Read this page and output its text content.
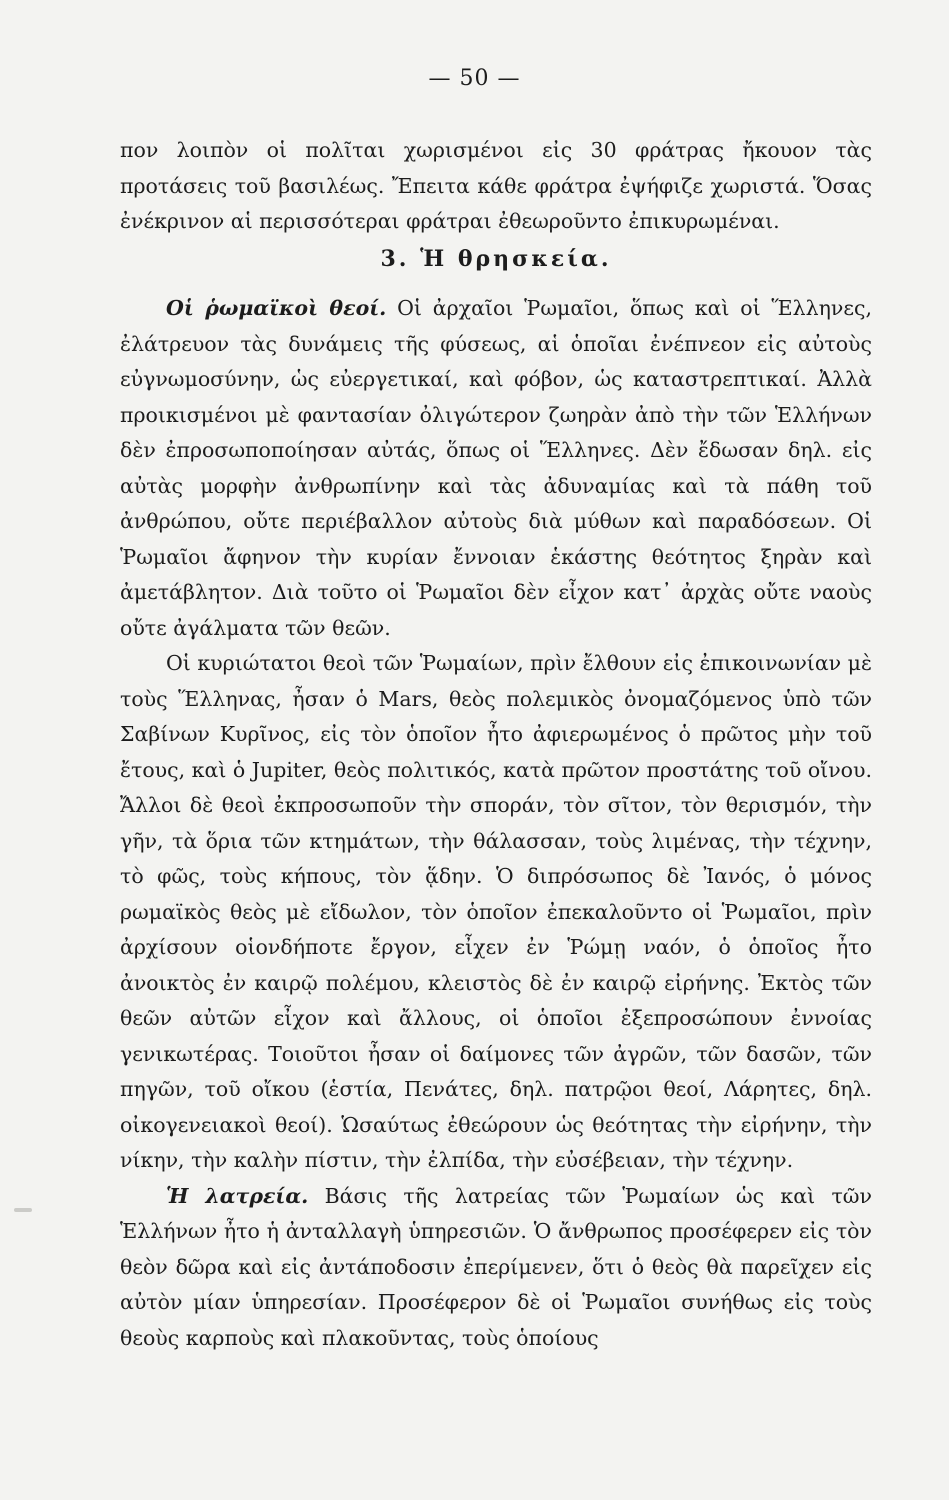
— 50 —

πον λοιπὸν οἱ πολῖται χωρισμένοι εἰς 30 φράτρας ἤκουον τὰς προτάσεις τοῦ βασιλέως. Ἔπειτα κάθε φράτρα ἐψήφιζε χωριστά. Ὅσας ἐνέκρινον αἱ περισσότεραι φράτραι ἐθεωροῦντο ἐπικυρωμέναι.

3. Ἡ θρησκεία.

Οἱ ῥωμαϊκοὶ θεοί. Οἱ ἀρχαῖοι Ῥωμαῖοι, ὅπως καὶ οἱ Ἕλληνες, ἐλάτρευον τὰς δυνάμεις τῆς φύσεως, αἱ ὁποῖαι ἐνέπνεον εἰς αὐτοὺς εὐγνωμοσύνην, ὡς εὐεργετικαί, καὶ φόβον, ὡς καταστρεπτικαί. Ἀλλὰ προικισμένοι μὲ φαντασίαν ὀλιγώτερον ζωηρὰν ἀπὸ τὴν τῶν Ἑλλήνων δὲν ἐπροσωποποίησαν αὐτάς, ὅπως οἱ Ἕλληνες. Δὲν ἔδωσαν δηλ. εἰς αὐτὰς μορφὴν ἀνθρωπίνην καὶ τὰς ἀδυναμίας καὶ τὰ πάθη τοῦ ἀνθρώπου, οὔτε περιέβαλλον αὐτοὺς διὰ μύθων καὶ παραδόσεων. Οἱ Ῥωμαῖοι ἄφηνον τὴν κυρίαν ἔννοιαν ἑκάστης θεότητος ξηρὰν καὶ ἀμετάβλητον. Διὰ τοῦτο οἱ Ῥωμαῖοι δὲν εἶχον κατ᾽ ἀρχὰς οὔτε ναοὺς οὔτε ἀγάλματα τῶν θεῶν.

Οἱ κυριώτατοι θεοὶ τῶν Ῥωμαίων, πρὶν ἔλθουν εἰς ἐπικοινωνίαν μὲ τοὺς Ἕλληνας, ἦσαν ὁ Mars, θεὸς πολεμικὸς ὀνομαζόμενος ὑπὸ τῶν Σαβίνων Κυρῖνος, εἰς τὸν ὁποῖον ἦτο ἀφιερωμένος ὁ πρῶτος μὴν τοῦ ἔτους, καὶ ὁ Jupiter, θεὸς πολιτικός, κατὰ πρῶτον προστάτης τοῦ οἴνου. Ἄλλοι δὲ θεοὶ ἐκπροσωποῦν τὴν σποράν, τὸν σῖτον, τὸν θερισμόν, τὴν γῆν, τὰ ὅρια τῶν κτημάτων, τὴν θάλασσαν, τοὺς λιμένας, τὴν τέχνην, τὸ φῶς, τοὺς κήπους, τὸν ᾅδην. Ὁ διπρόσωπος δὲ Ἰανός, ὁ μόνος ρωμαϊκὸς θεὸς μὲ εἴδωλον, τὸν ὁποῖον ἐπεκαλοῦντο οἱ Ῥωμαῖοι, πρὶν ἀρχίσουν οἱονδήποτε ἔργον, εἶχεν ἐν Ῥώμῃ ναόν, ὁ ὁποῖος ἦτο ἀνοικτὸς ἐν καιρῷ πολέμου, κλειστὸς δὲ ἐν καιρῷ εἰρήνης. Ἐκτὸς τῶν θεῶν αὐτῶν εἶχον καὶ ἄλλους, οἱ ὁποῖοι ἐξεπροσώπουν ἐννοίας γενικωτέρας. Τοιοῦτοι ἦσαν οἱ δαίμονες τῶν ἀγρῶν, τῶν δασῶν, τῶν πηγῶν, τοῦ οἴκου (ἑστία, Πενάτες, δηλ. πατρῷοι θεοί, Λάρητες, δηλ. οἰκογενειακοὶ θεοί). Ὡσαύτως ἐθεώρουν ὡς θεότητας τὴν εἰρήνην, τὴν νίκην, τὴν καλὴν πίστιν, τὴν ἐλπίδα, τὴν εὐσέβειαν, τὴν τέχνην.

Ἡ λατρεία. Βάσις τῆς λατρείας τῶν Ῥωμαίων ὡς καὶ τῶν Ἑλλήνων ἦτο ἡ ἀνταλλαγὴ ὑπηρεσιῶν. Ὁ ἄνθρωπος προσέφερεν εἰς τὸν θεὸν δῶρα καὶ εἰς ἀντάποδοσιν ἐπερίμενεν, ὅτι ὁ θεὸς θὰ παρεῖχεν εἰς αὐτὸν μίαν ὑπηρεσίαν. Προσέφερον δὲ οἱ Ῥωμαῖοι συνήθως εἰς τοὺς θεοὺς καρποὺς καὶ πλακοῦντας, τοὺς ὁποίους
